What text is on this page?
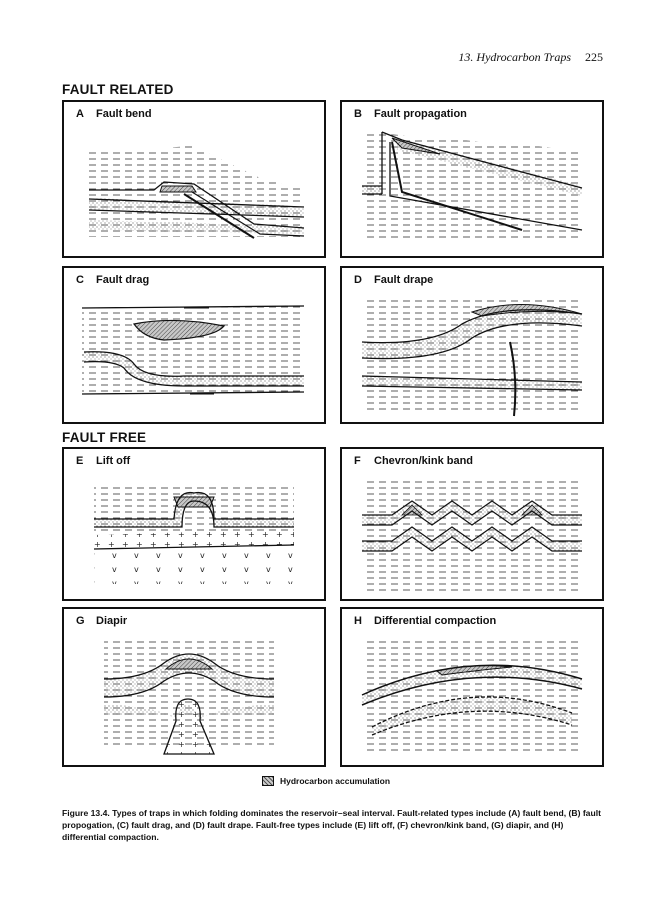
13. Hydrocarbon Traps 225
FAULT RELATED
A Fault bend	B Fault propagation
C Fault drag	D Fault drape
FAULT FREE
E Lift off	F Chevron/kink band
G Diapir	H Differential compaction
Hydrocarbon accumulation
Figure 13.4. Types of traps in which folding dominates the reservoir–seal interval. Fault-related types include (A) fault bend, (B) fault propogation, (C) fault drag, and (D) fault drape. Fault-free types include (E) lift off, (F) chevron/kink band, (G) diapir, and (H) differential compaction.
